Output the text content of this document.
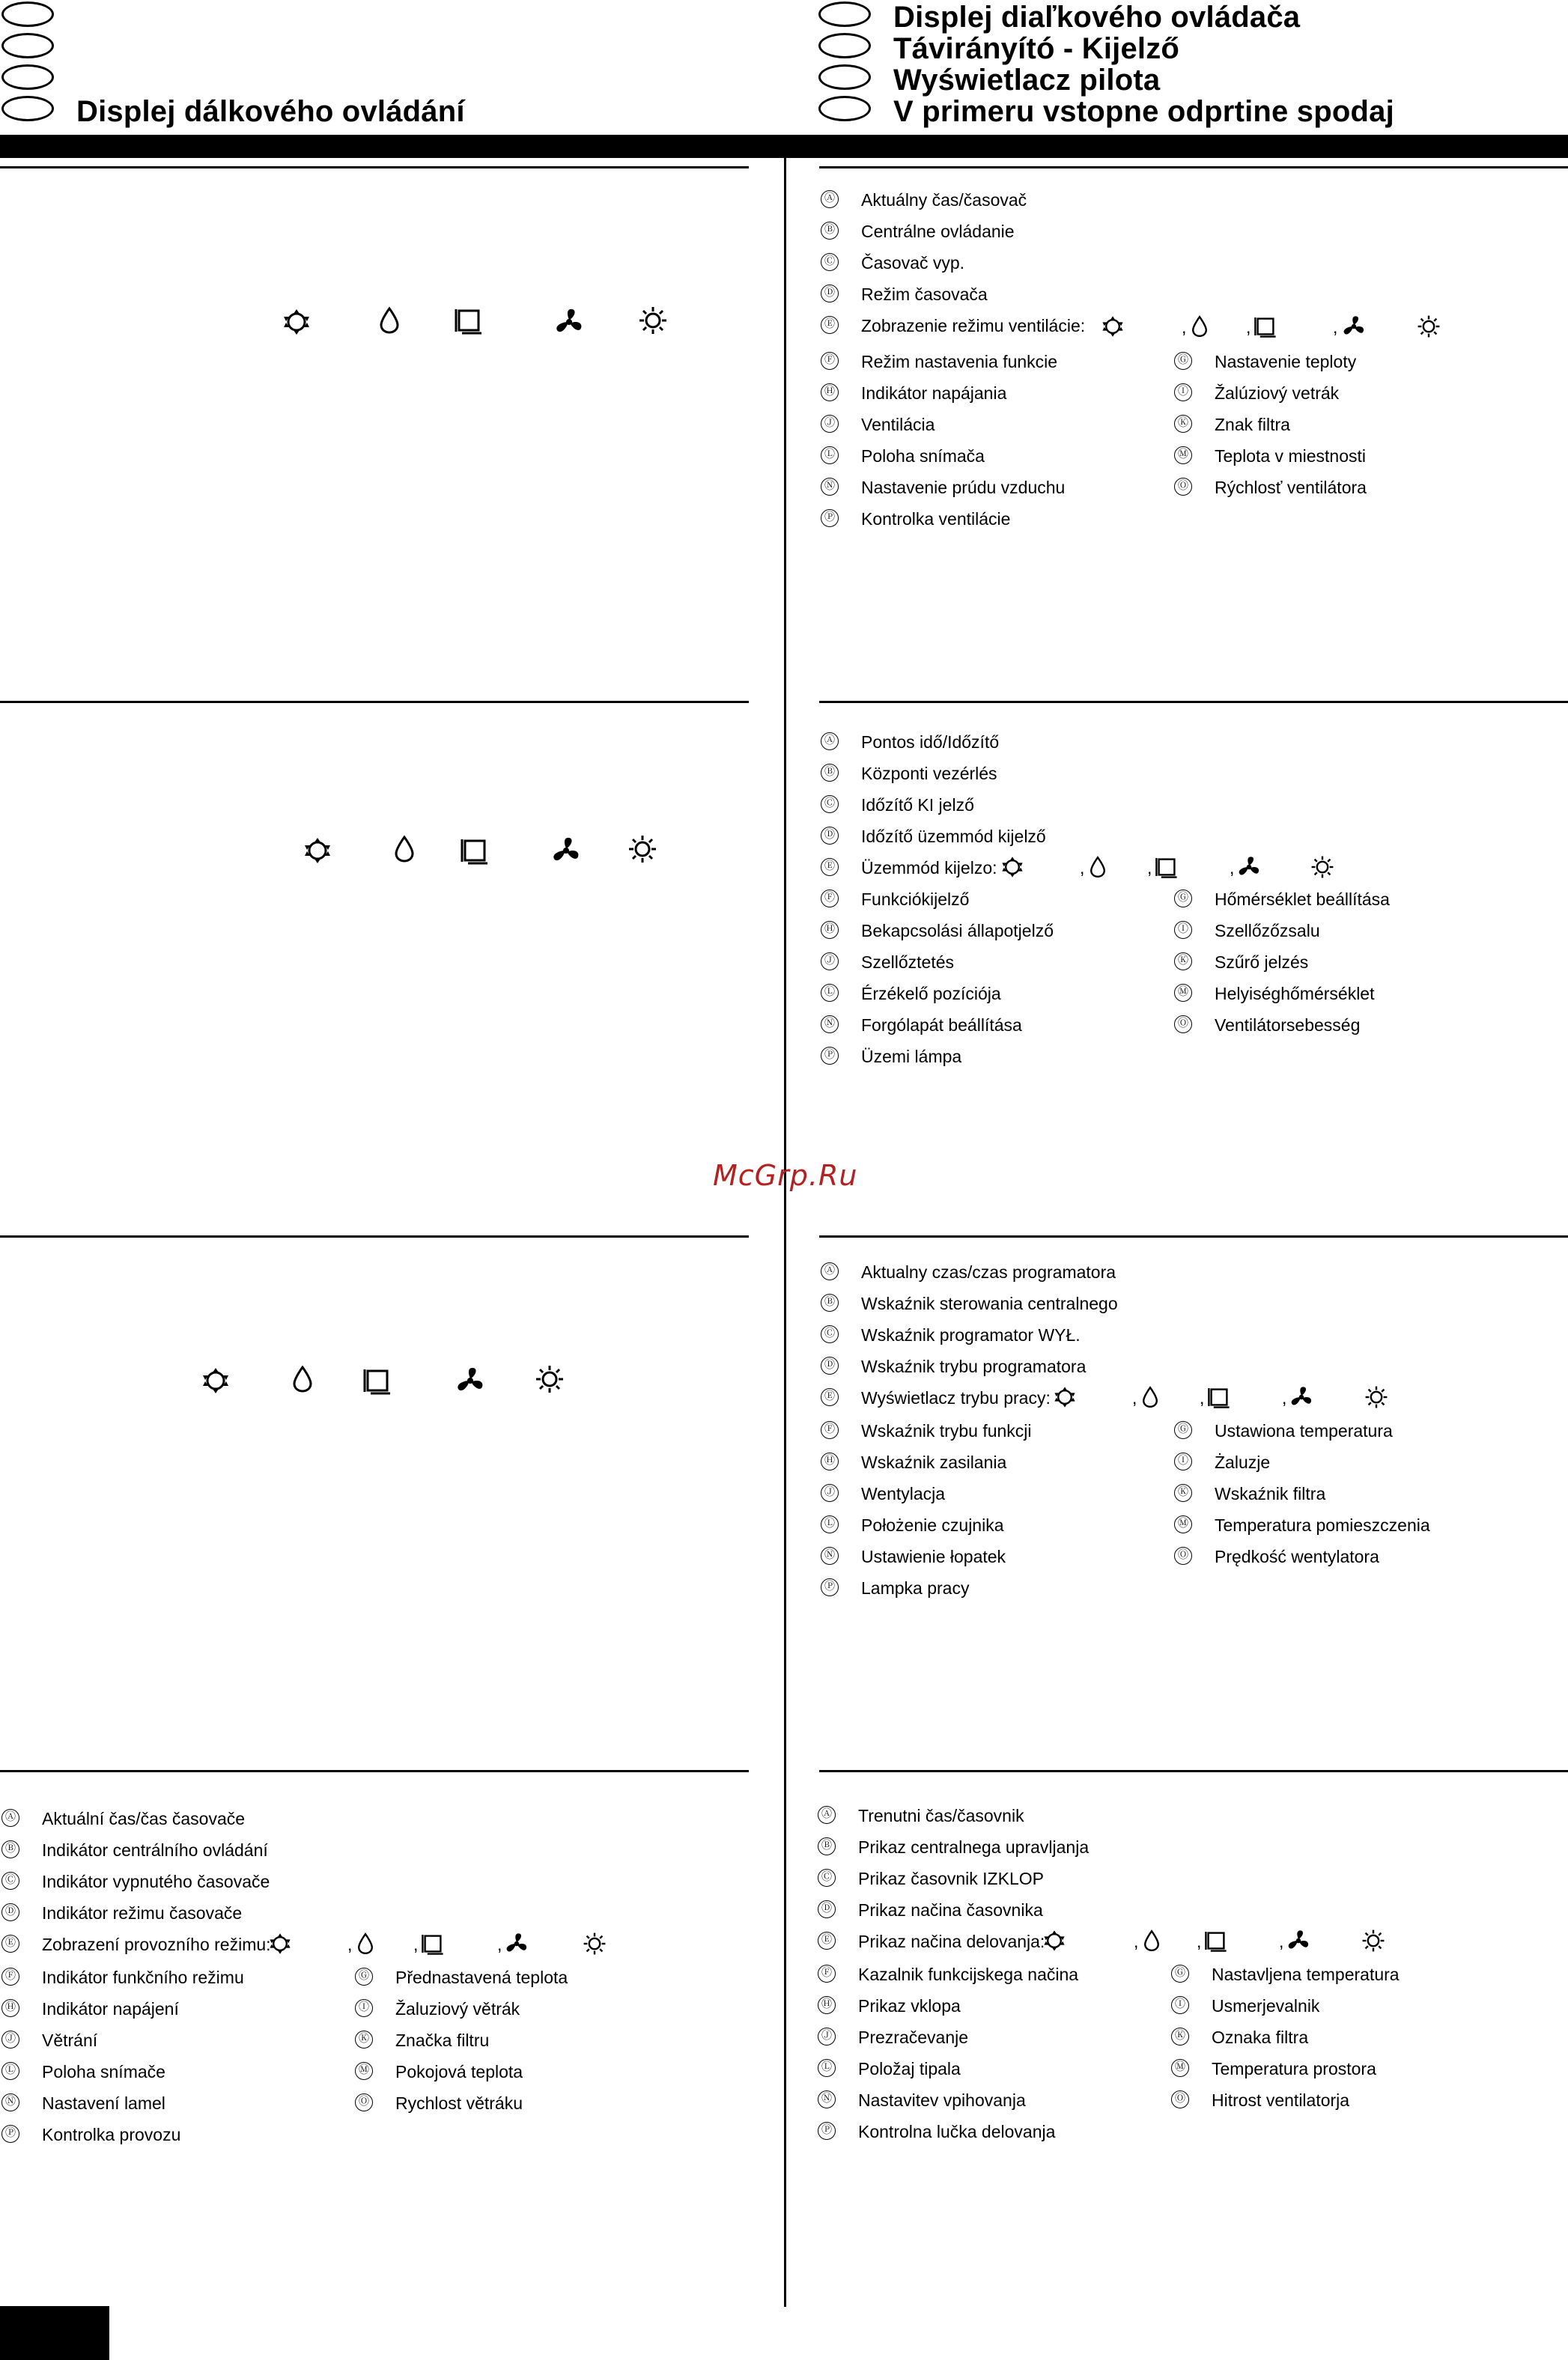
Displej dálkového ovládání
Displej diaľkového ovládača
Távirányító - Kijelző
Wyświetlacz pilota
V primeru vstopne odprtine spodaj
McGrp.Ru
Ⓐ Aktuálny čas/časovač
Ⓑ Centrálne ovládanie
Ⓒ Časovač vyp.
Ⓓ Režim časovača
Ⓔ Zobrazenie režimu ventilácie:	,	,	,
Ⓕ Režim nastavenia funkcie	Ⓖ Nastavenie teploty
Ⓗ Indikátor napájania	Ⓘ Žalúziový vetrák
Ⓙ Ventilácia	Ⓚ Znak filtra
Ⓛ Poloha snímača	Ⓜ Teplota v miestnosti
Ⓝ Nastavenie prúdu vzduchu	Ⓞ Rýchlosť ventilátora
Ⓟ Kontrolka ventilácie
Ⓐ Pontos idő/Időzítő
Ⓑ Központi vezérlés
Ⓒ Időzítő KI jelző
Ⓓ Időzítő üzemmód kijelző
Ⓔ Üzemmód kijelzo:	,	,	,
Ⓕ Funkciókijelző	Ⓖ Hőmérséklet beállítása
Ⓗ Bekapcsolási állapotjelző	Ⓘ Szellőzőzsalu
Ⓙ Szellőztetés	Ⓚ Szűrő jelzés
Ⓛ Érzékelő pozíciója	Ⓜ Helyiséghőmérséklet
Ⓝ Forgólapát beállítása	Ⓞ Ventilátorsebesség
Ⓟ Üzemi lámpa
Ⓐ Aktualny czas/czas programatora
Ⓑ Wskaźnik sterowania centralnego
Ⓒ Wskaźnik programator WYŁ.
Ⓓ Wskaźnik trybu programatora
Ⓔ Wyświetlacz trybu pracy:	,	,	,
Ⓕ Wskaźnik trybu funkcji	Ⓖ Ustawiona temperatura
Ⓗ Wskaźnik zasilania	Ⓘ Żaluzje
Ⓙ Wentylacja	Ⓚ Wskaźnik filtra
Ⓛ Położenie czujnika	Ⓜ Temperatura pomieszczenia
Ⓝ Ustawienie łopatek	Ⓞ Prędkość wentylatora
Ⓟ Lampka pracy
Ⓐ Aktuální čas/čas časovače
Ⓑ Indikátor centrálního ovládání
Ⓒ Indikátor vypnutého časovače
Ⓓ Indikátor režimu časovače
Ⓔ Zobrazení provozního režimu:	,	,	,
Ⓕ Indikátor funkčního režimu	Ⓖ Přednastavená teplota
Ⓗ Indikátor napájení	Ⓘ Žaluziový větrák
Ⓙ Větrání	Ⓚ Značka filtru
Ⓛ Poloha snímače	Ⓜ Pokojová teplota
Ⓝ Nastavení lamel	Ⓞ Rychlost větráku
Ⓟ Kontrolka provozu
Ⓐ Trenutni čas/časovnik
Ⓑ Prikaz centralnega upravljanja
Ⓒ Prikaz časovnik IZKLOP
Ⓓ Prikaz načina časovnika
Ⓔ Prikaz načina delovanja:	,	,	,
Ⓕ Kazalnik funkcijskega načina	Ⓖ Nastavljena temperatura
Ⓗ Prikaz vklopa	Ⓘ Usmerjevalnik
Ⓙ Prezračevanje	Ⓚ Oznaka filtra
Ⓛ Položaj tipala	Ⓜ Temperatura prostora
Ⓝ Nastavitev vpihovanja	Ⓞ Hitrost ventilatorja
Ⓟ Kontrolna lučka delovanja
